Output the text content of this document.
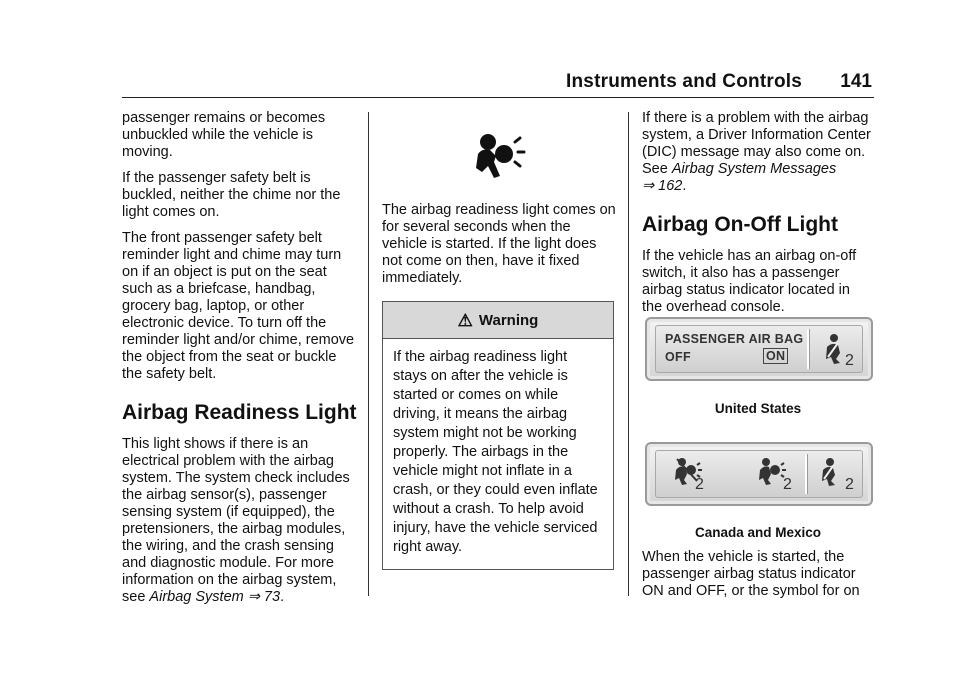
Instruments and Controls 141

passenger remains or becomes unbuckled while the vehicle is moving.

If the passenger safety belt is buckled, neither the chime nor the light comes on.

The front passenger safety belt reminder light and chime may turn on if an object is put on the seat such as a briefcase, handbag, grocery bag, laptop, or other electronic device. To turn off the reminder light and/or chime, remove the object from the seat or buckle the safety belt.

Airbag Readiness Light

This light shows if there is an electrical problem with the airbag system. The system check includes the airbag sensor(s), passenger sensing system (if equipped), the pretensioners, the airbag modules, the wiring, and the crash sensing and diagnostic module. For more information on the airbag system, see Airbag System ⇒ 73.

The airbag readiness light comes on for several seconds when the vehicle is started. If the light does not come on then, have it fixed immediately.

⚠ Warning
If the airbag readiness light stays on after the vehicle is started or comes on while driving, it means the airbag system might not be working properly. The airbags in the vehicle might not inflate in a crash, or they could even inflate without a crash. To help avoid injury, have the vehicle serviced right away.

If there is a problem with the airbag system, a Driver Information Center (DIC) message may also come on. See Airbag System Messages
⇒ 162.

Airbag On-Off Light

If the vehicle has an airbag on-off switch, it also has a passenger airbag status indicator located in the overhead console.

PASSENGER AIR BAG
OFF	ON	2
United States
2	2	2
Canada and Mexico

When the vehicle is started, the passenger airbag status indicator ON and OFF, or the symbol for on
